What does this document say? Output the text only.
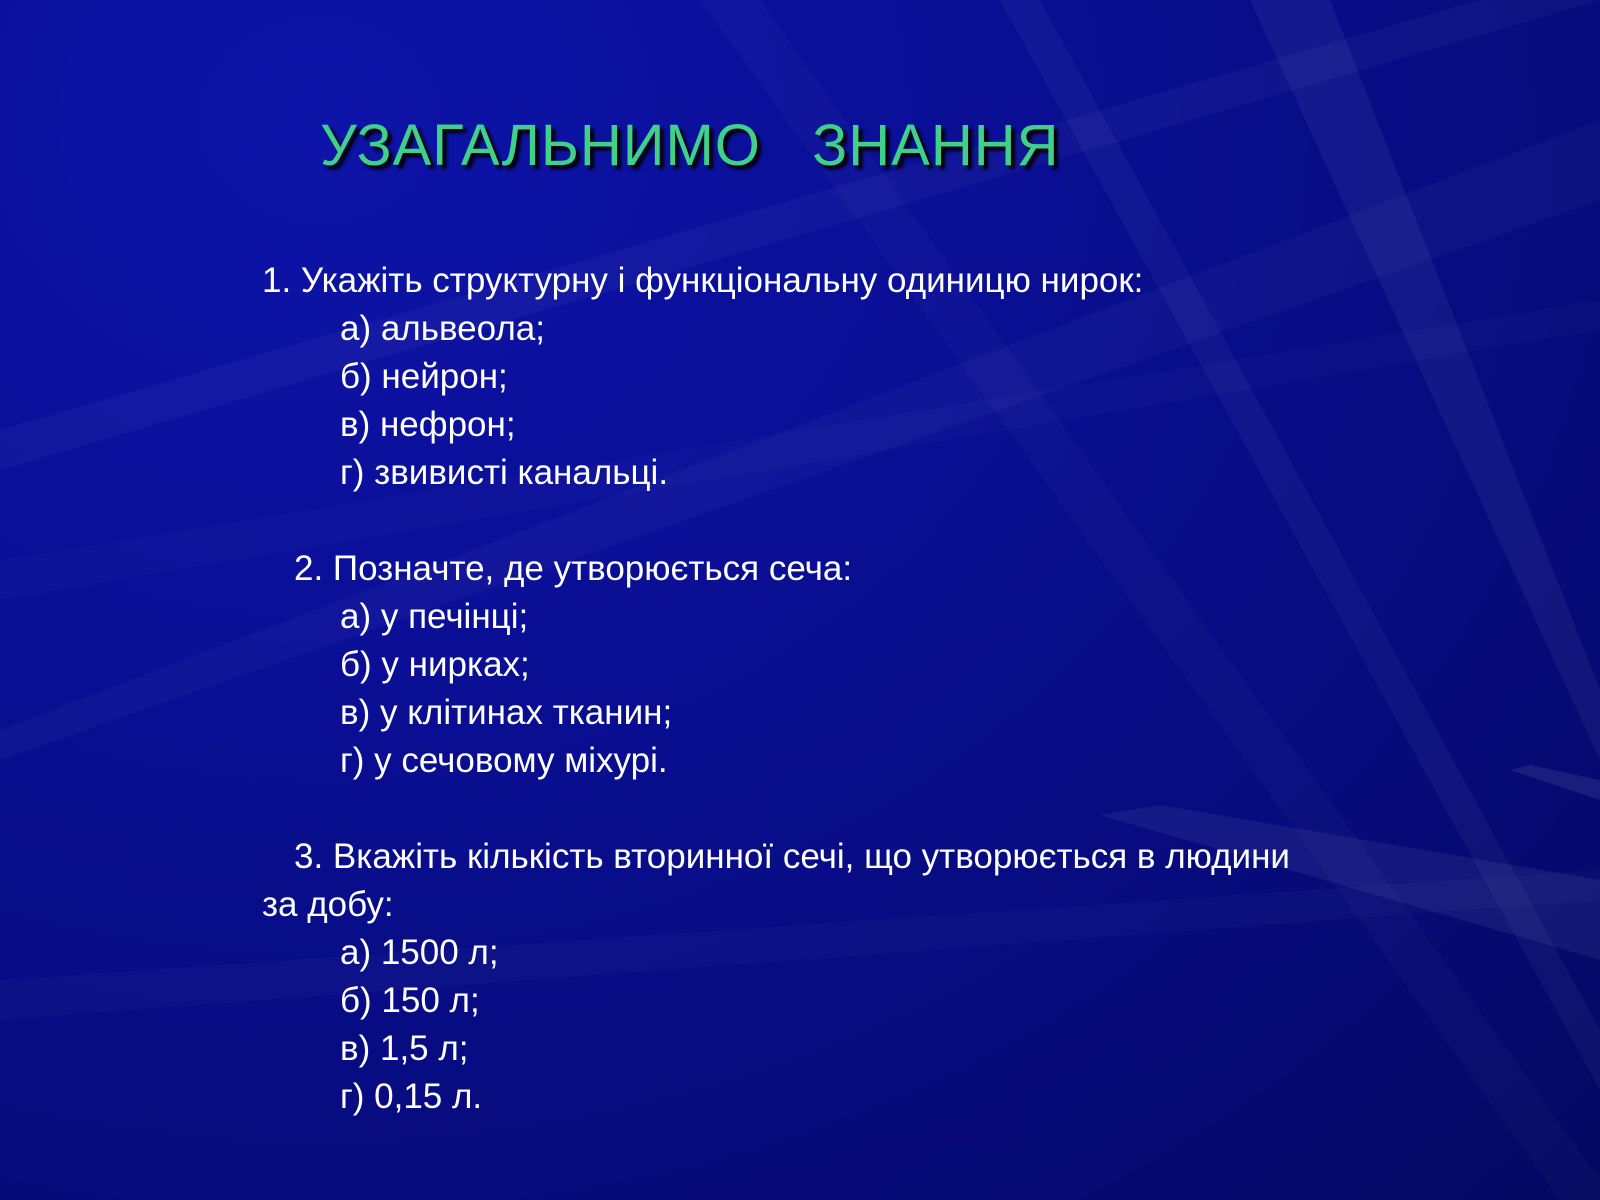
УЗАГАЛЬНИМО   ЗНАННЯ
1. Укажіть структурну і функціональну одиницю нирок:
а) альвеола;
б) нейрон;
в) нефрон;
г) звивисті канальці.
2. Позначте, де утворюється сеча:
а) у печінці;
б) у нирках;
в) у клітинах тканин;
г) у сечовому міхурі.
3. Вкажіть кількість вторинної сечі, що утворюється в людини за добу:
а) 1500 л;
б) 150 л;
в) 1,5 л;
г) 0,15 л.
